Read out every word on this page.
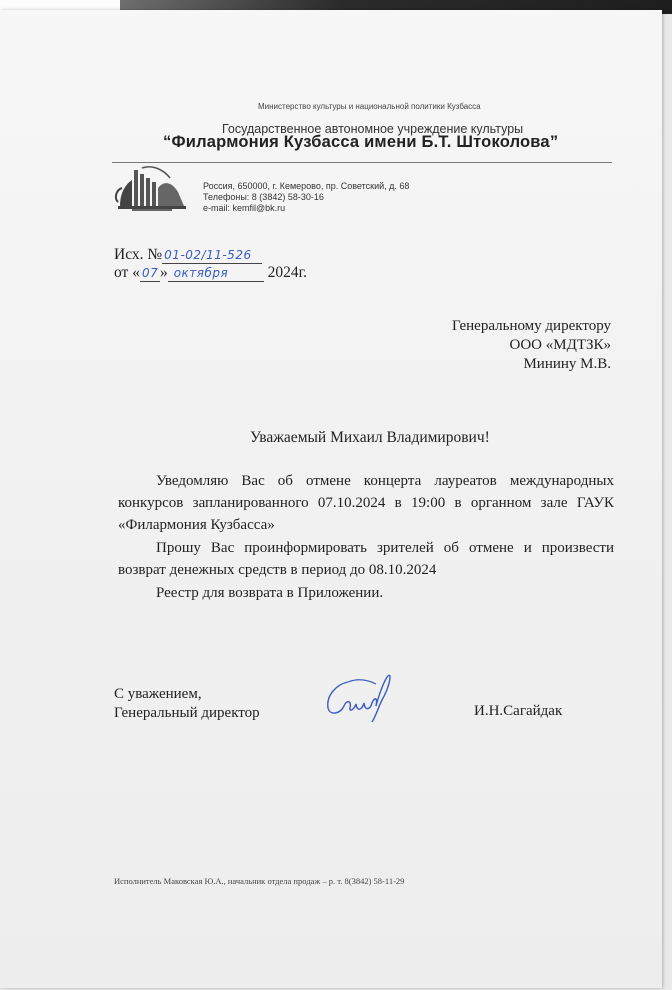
Министерство культуры и национальной политики Кузбасса
Государственное автономное учреждение культуры
“Филармония Кузбасса имени Б.Т. Штоколова”
Россия, 650000, г. Кемерово, пр. Советский, д. 68
Телефоны: 8 (3842) 58-30-16
e-mail: kemfil@bk.ru
Исх. № 01-02/11-526
от « 07 » октября	2024г.
Генеральному директору
ООО «МДТЗК»
Минину М.В.
Уважаемый Михаил Владимирович!

Уведомляю Вас об отмене концерта лауреатов международных конкурсов запланированного 07.10.2024 в 19:00 в органном зале ГАУК «Филармония Кузбасса»

Прошу Вас проинформировать зрителей об отмене и произвести возврат денежных средств в период до 08.10.2024

Реестр для возврата в Приложении.

С уважением,
Генеральный директор	И.Н.Сагайдак
Исполнитель Маковская Ю.А., начальник отдела продаж – р. т. 8(3842) 58-11-29
